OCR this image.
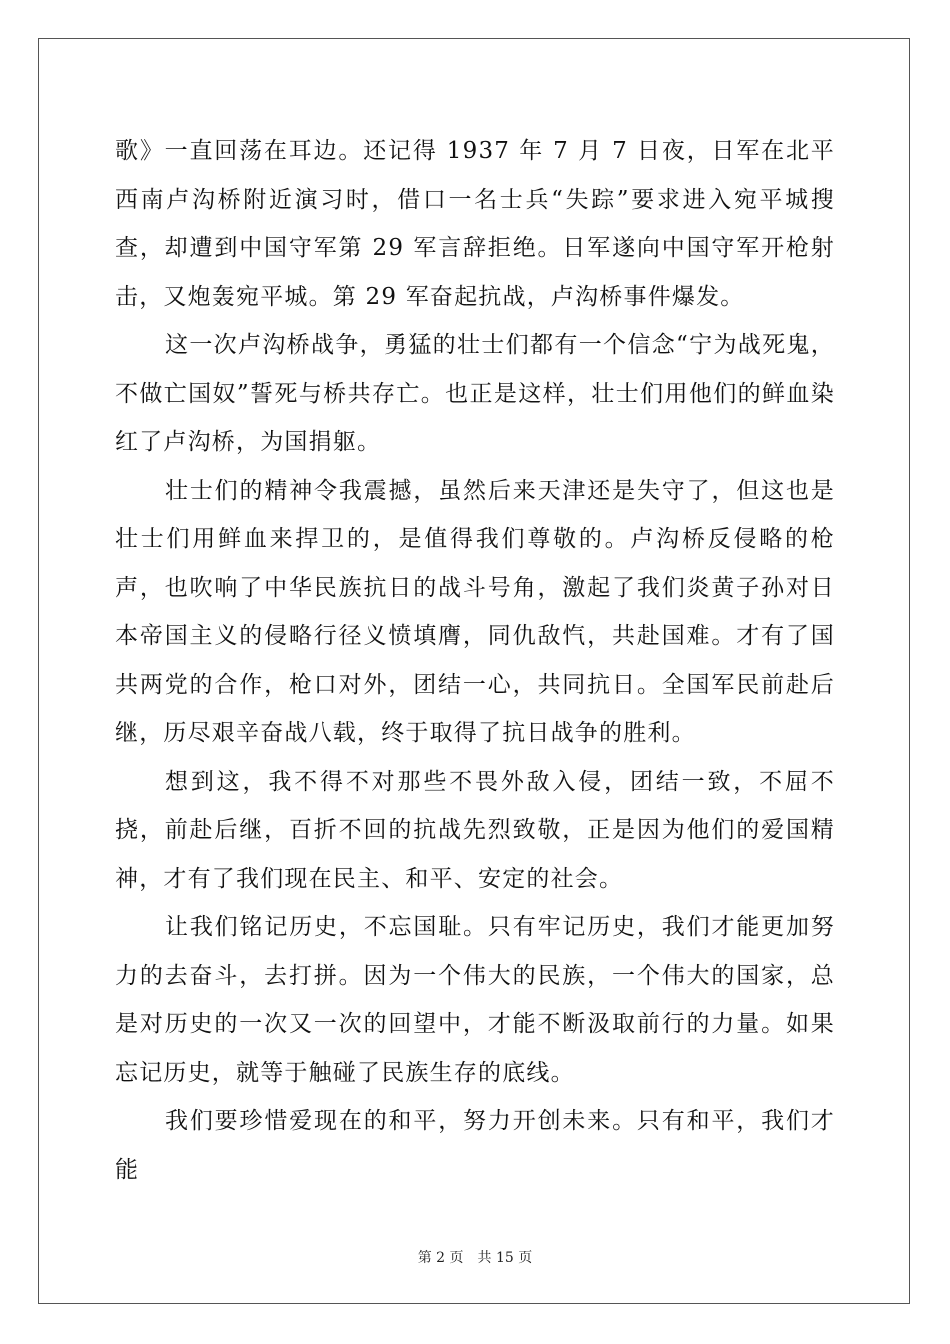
歌》一直回荡在耳边。还记得 1937 年 7 月 7 日夜，日军在北平西南卢沟桥附近演习时，借口一名士兵“失踪”要求进入宛平城搜查，却遭到中国守军第 29 军言辞拒绝。日军遂向中国守军开枪射击，又炮轰宛平城。第 29 军奋起抗战，卢沟桥事件爆发。

这一次卢沟桥战争，勇猛的壮士们都有一个信念“宁为战死鬼，不做亡国奴”誓死与桥共存亡。也正是这样，壮士们用他们的鲜血染红了卢沟桥，为国捐躯。

壮士们的精神令我震撼，虽然后来天津还是失守了，但这也是壮士们用鲜血来捍卫的，是值得我们尊敬的。卢沟桥反侵略的枪声，也吹响了中华民族抗日的战斗号角，激起了我们炎黄子孙对日本帝国主义的侵略行径义愤填膺，同仇敌忾，共赴国难。才有了国共两党的合作，枪口对外，团结一心，共同抗日。全国军民前赴后继，历尽艰辛奋战八载，终于取得了抗日战争的胜利。

想到这，我不得不对那些不畏外敌入侵，团结一致，不屈不挠，前赴后继，百折不回的抗战先烈致敬，正是因为他们的爱国精神，才有了我们现在民主、和平、安定的社会。

让我们铭记历史，不忘国耻。只有牢记历史，我们才能更加努力的去奋斗，去打拼。因为一个伟大的民族，一个伟大的国家，总是对历史的一次又一次的回望中，才能不断汲取前行的力量。如果忘记历史，就等于触碰了民族生存的底线。

我们要珍惜爱现在的和平，努力开创未来。只有和平，我们才能

第 2 页 共 15 页
